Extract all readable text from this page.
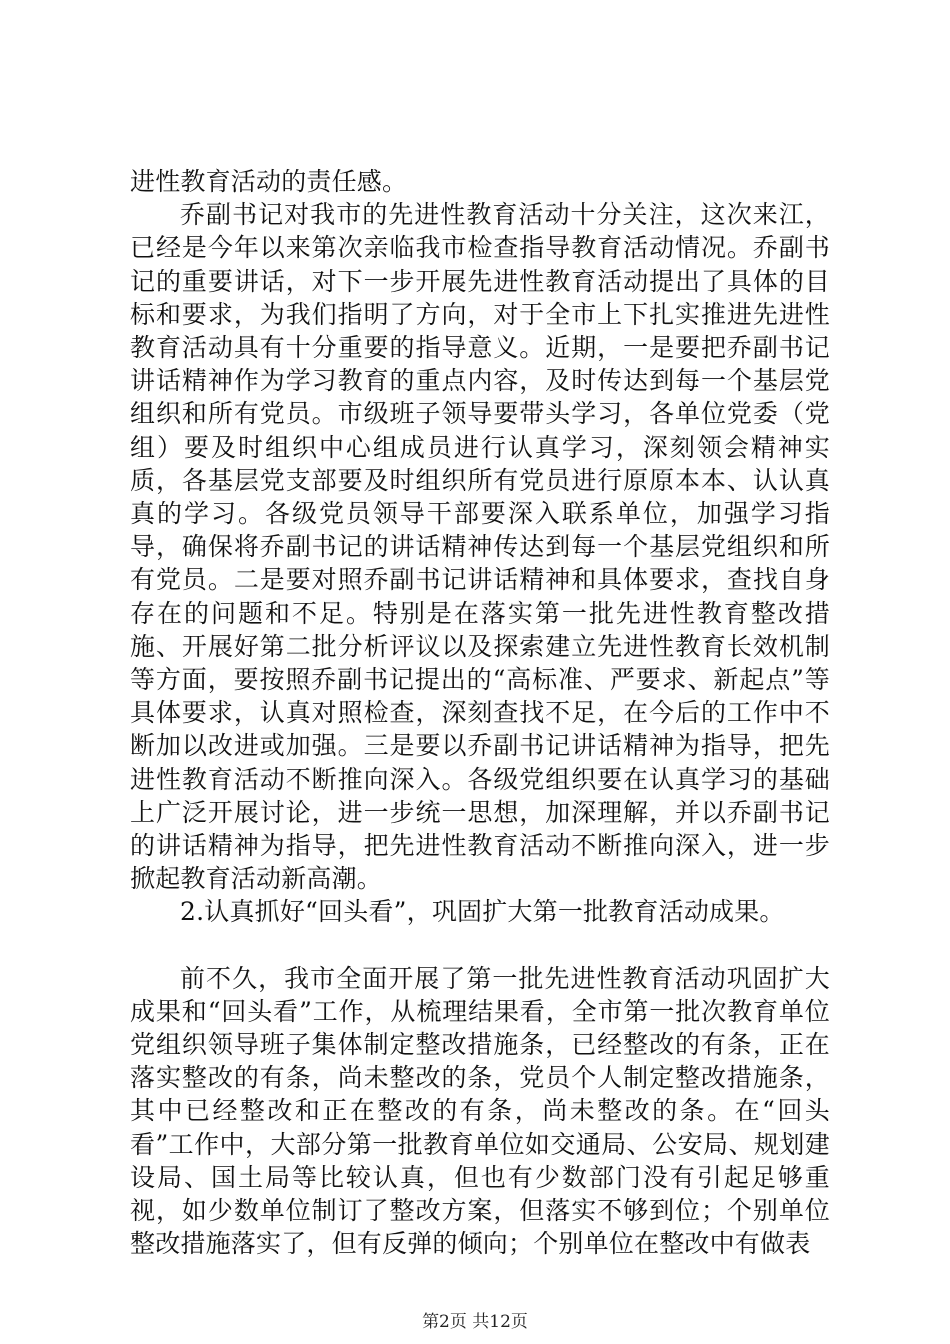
进性教育活动的责任感。

乔副书记对我市的先进性教育活动十分关注，这次来江，已经是今年以来第次亲临我市检查指导教育活动情况。乔副书记的重要讲话，对下一步开展先进性教育活动提出了具体的目标和要求，为我们指明了方向，对于全市上下扎实推进先进性教育活动具有十分重要的指导意义。近期，一是要把乔副书记讲话精神作为学习教育的重点内容，及时传达到每一个基层党组织和所有党员。市级班子领导要带头学习，各单位党委（党组）要及时组织中心组成员进行认真学习，深刻领会精神实质，各基层党支部要及时组织所有党员进行原原本本、认认真真的学习。各级党员领导干部要深入联系单位，加强学习指导，确保将乔副书记的讲话精神传达到每一个基层党组织和所有党员。二是要对照乔副书记讲话精神和具体要求，查找自身存在的问题和不足。特别是在落实第一批先进性教育整改措施、开展好第二批分析评议以及探索建立先进性教育长效机制等方面，要按照乔副书记提出的“高标准、严要求、新起点”等具体要求，认真对照检查，深刻查找不足，在今后的工作中不断加以改进或加强。三是要以乔副书记讲话精神为指导，把先进性教育活动不断推向深入。各级党组织要在认真学习的基础上广泛开展讨论，进一步统一思想，加深理解，并以乔副书记的讲话精神为指导，把先进性教育活动不断推向深入，进一步掀起教育活动新高潮。

2.认真抓好“回头看”，巩固扩大第一批教育活动成果。

前不久，我市全面开展了第一批先进性教育活动巩固扩大成果和“回头看”工作，从梳理结果看，全市第一批次教育单位党组织领导班子集体制定整改措施条，已经整改的有条，正在落实整改的有条，尚未整改的条，党员个人制定整改措施条，其中已经整改和正在整改的有条，尚未整改的条。在“回头看”工作中，大部分第一批教育单位如交通局、公安局、规划建设局、国土局等比较认真，但也有少数部门没有引起足够重视，如少数单位制订了整改方案，但落实不够到位；个别单位整改措施落实了，但有反弹的倾向；个别单位在整改中有做表

第2页 共12页
